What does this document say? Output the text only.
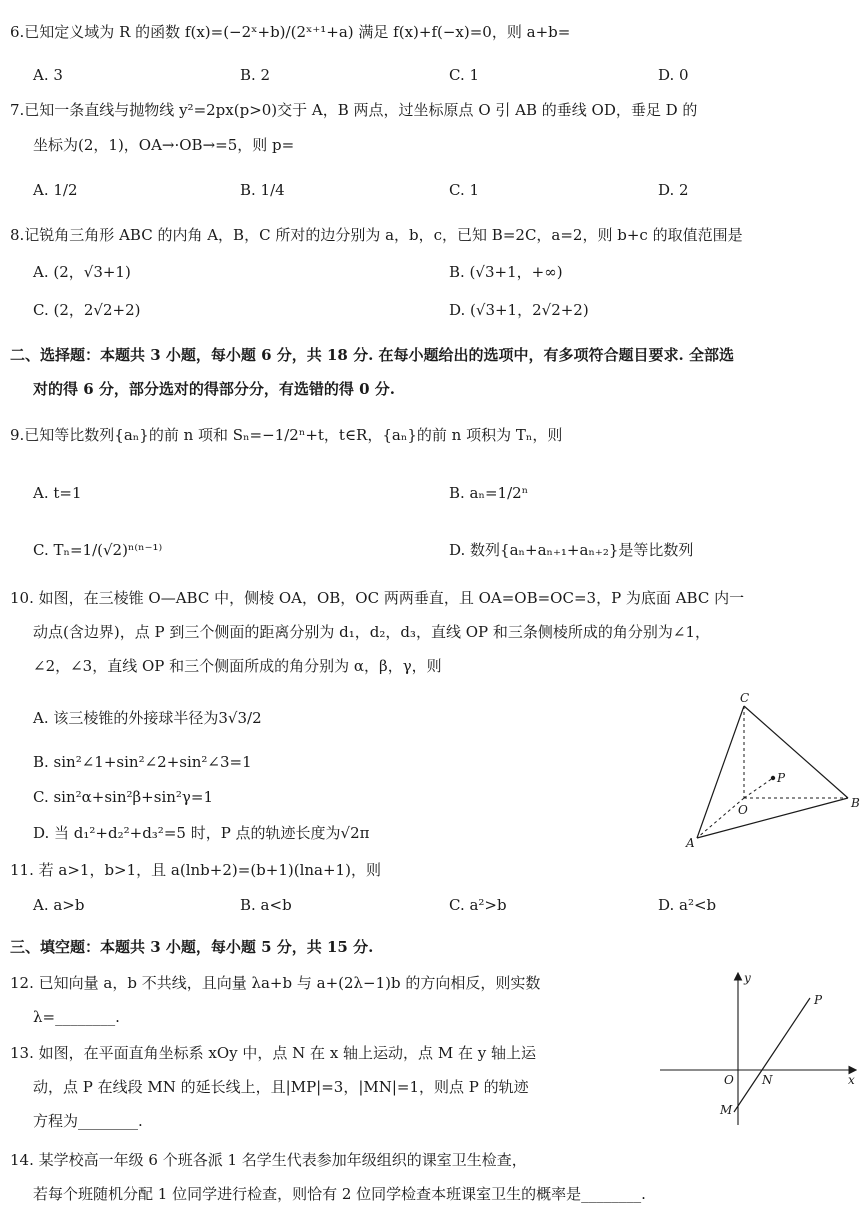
6.已知定义域为 R 的函数 f(x)=(−2ˣ+b)/(2ˣ⁺¹+a) 满足 f(x)+f(−x)=0，则 a+b=
A. 3	B. 2	C. 1	D. 0
7.已知一条直线与抛物线 y²=2px(p>0)交于 A，B 两点，过坐标原点 O 引 AB 的垂线 OD，垂足 D 的
坐标为(2，1)，OA→·OB→=5，则 p=
A. 1/2	B. 1/4	C. 1	D. 2
8.记锐角三角形 ABC 的内角 A，B，C 所对的边分别为 a，b，c，已知 B=2C，a=2，则 b+c 的取值范围是
A. (2，√3+1)	B. (√3+1，+∞)
C. (2，2√2+2)	D. (√3+1，2√2+2)
二、选择题：本题共 3 小题，每小题 6 分，共 18 分. 在每小题给出的选项中，有多项符合题目要求. 全部选
对的得 6 分，部分选对的得部分分，有选错的得 0 分.
9.已知等比数列{aₙ}的前 n 项和 Sₙ=−1/2ⁿ+t，t∈R，{aₙ}的前 n 项积为 Tₙ，则
A. t=1	B. aₙ=1/2ⁿ
C. Tₙ=1/(√2)ⁿ⁽ⁿ⁻¹⁾	D. 数列{aₙ+aₙ₊₁+aₙ₊₂}是等比数列
10. 如图，在三棱锥 O—ABC 中，侧棱 OA，OB，OC 两两垂直，且 OA=OB=OC=3，P 为底面 ABC 内一
动点(含边界)，点 P 到三个侧面的距离分别为 d₁，d₂，d₃，直线 OP 和三条侧棱所成的角分别为∠1，
∠2，∠3，直线 OP 和三个侧面所成的角分别为 α，β，γ，则
A. 该三棱锥的外接球半径为3√3/2
B. sin²∠1+sin²∠2+sin²∠3=1
C. sin²α+sin²β+sin²γ=1
D. 当 d₁²+d₂²+d₃²=5 时，P 点的轨迹长度为√2π
C
P
O	B
A
11. 若 a>1，b>1，且 a(lnb+2)=(b+1)(lna+1)，则
A. a>b	B. a<b	C. a²>b	D. a²<b
三、填空题：本题共 3 小题，每小题 5 分，共 15 分.
12. 已知向量 a，b 不共线，且向量 λa+b 与 a+(2λ−1)b 的方向相反，则实数
λ=________.
13. 如图，在平面直角坐标系 xOy 中，点 N 在 x 轴上运动，点 M 在 y 轴上运
动，点 P 在线段 MN 的延长线上，且|MP|=3，|MN|=1，则点 P 的轨迹
方程为________.
y
P
O N	x
M
14. 某学校高一年级 6 个班各派 1 名学生代表参加年级组织的课室卫生检查，
若每个班随机分配 1 位同学进行检查，则恰有 2 位同学检查本班课室卫生的概率是________.
